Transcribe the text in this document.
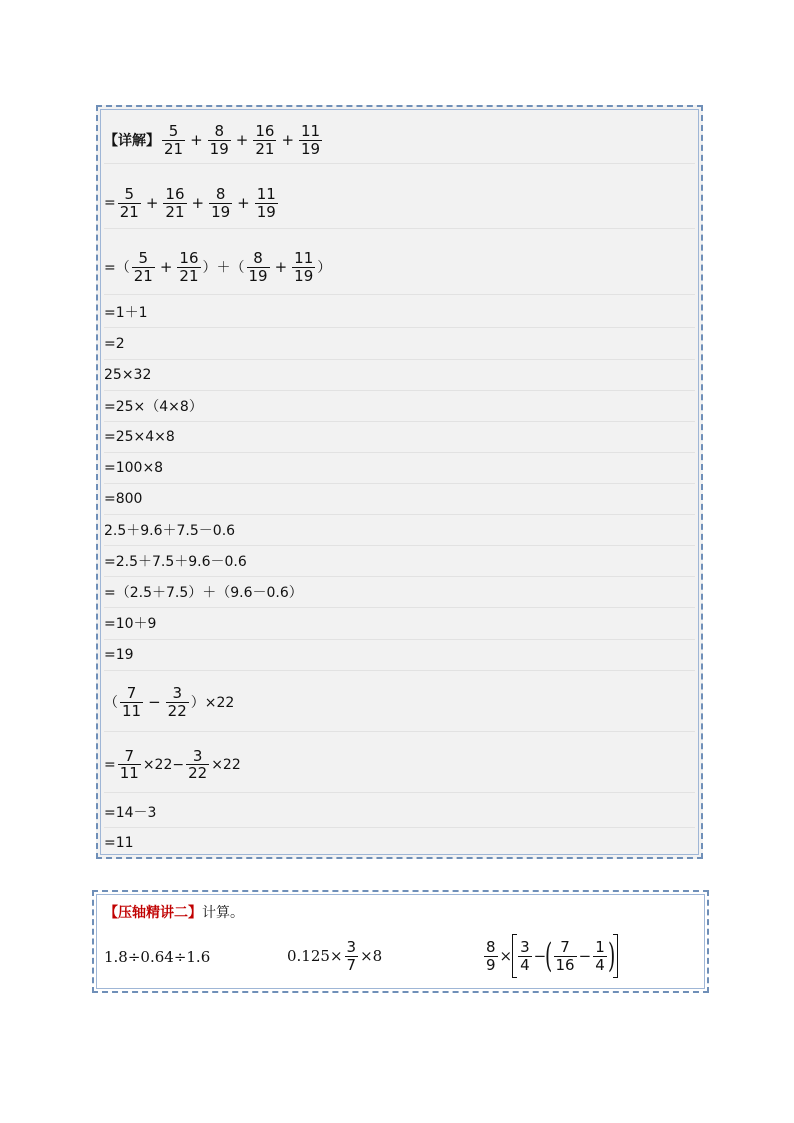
【详解】 $\frac{5}{21} + \frac{8}{19} + \frac{16}{21} + \frac{11}{19}$
= $\frac{5}{21} + \frac{16}{21} + \frac{8}{19} + \frac{11}{19}$
=（ $\frac{5}{21} + \frac{16}{21}$ ）＋（ $\frac{8}{19} + \frac{11}{19}$ ）
=1＋1
=2
25×32
=25×（4×8）
=25×4×8
=100×8
=800
2.5＋9.6＋7.5－0.6
=2.5＋7.5＋9.6－0.6
=（2.5＋7.5）＋（9.6－0.6）
=10＋9
=19
（ $\frac{7}{11} - \frac{3}{22} )\times 22$
= $\frac{7}{11} \times 22- \frac{3}{22} \times 22$
=14－3
=11
【压轴精讲二】计算。
1.8÷0.64÷1.6	$0.125\times \frac{3}{7} \times 8$	$\frac{8}{9} \times \frac{3}{4}$ −
( $\frac{7}{16} - \frac{1}{4}$ )
